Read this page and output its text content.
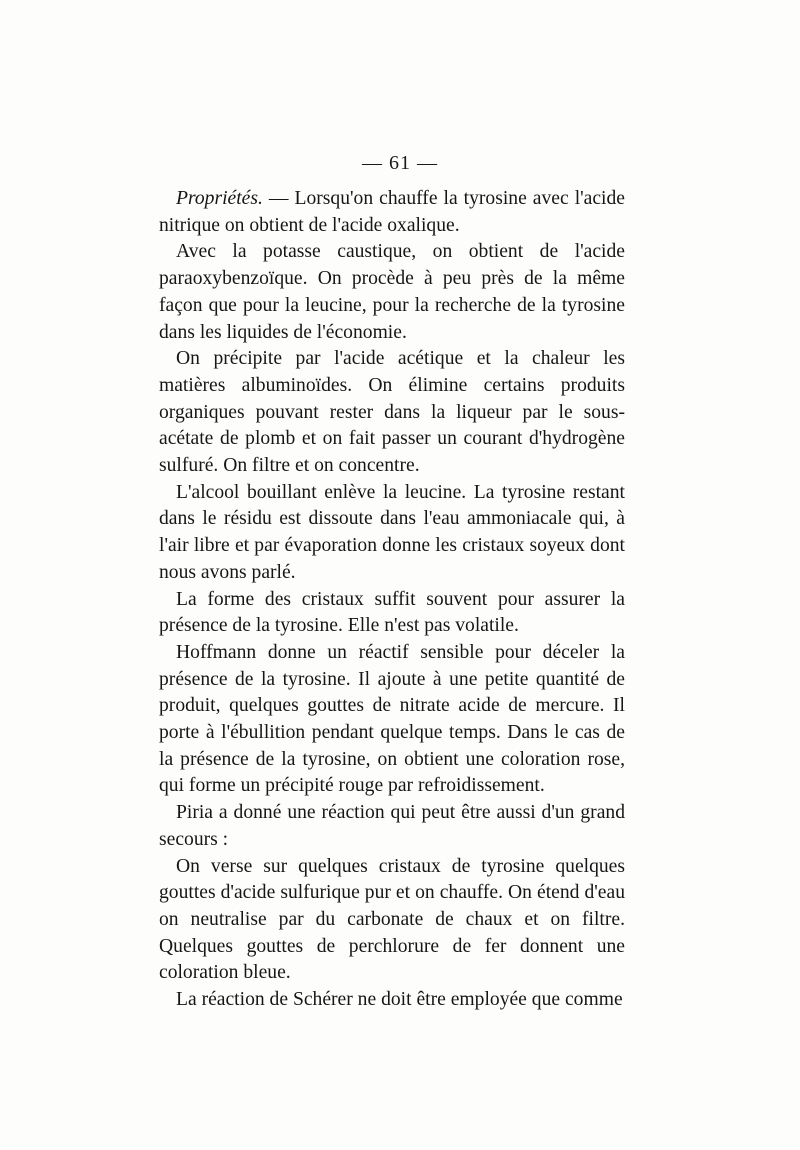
— 61 —

Propriétés. — Lorsqu'on chauffe la tyrosine avec l'acide nitrique on obtient de l'acide oxalique.

Avec la potasse caustique, on obtient de l'acide paraoxybenzoïque. On procède à peu près de la même façon que pour la leucine, pour la recherche de la tyrosine dans les liquides de l'économie.

On précipite par l'acide acétique et la chaleur les matières albuminoïdes. On élimine certains produits organiques pouvant rester dans la liqueur par le sous-acétate de plomb et on fait passer un courant d'hydrogène sulfuré. On filtre et on concentre.

L'alcool bouillant enlève la leucine. La tyrosine restant dans le résidu est dissoute dans l'eau ammoniacale qui, à l'air libre et par évaporation donne les cristaux soyeux dont nous avons parlé.

La forme des cristaux suffit souvent pour assurer la présence de la tyrosine. Elle n'est pas volatile.

Hoffmann donne un réactif sensible pour déceler la présence de la tyrosine. Il ajoute à une petite quantité de produit, quelques gouttes de nitrate acide de mercure. Il porte à l'ébullition pendant quelque temps. Dans le cas de la présence de la tyrosine, on obtient une coloration rose, qui forme un précipité rouge par refroidissement.

Piria a donné une réaction qui peut être aussi d'un grand secours :

On verse sur quelques cristaux de tyrosine quelques gouttes d'acide sulfurique pur et on chauffe. On étend d'eau on neutralise par du carbonate de chaux et on filtre. Quelques gouttes de perchlorure de fer donnent une coloration bleue.

La réaction de Schérer ne doit être employée que comme
